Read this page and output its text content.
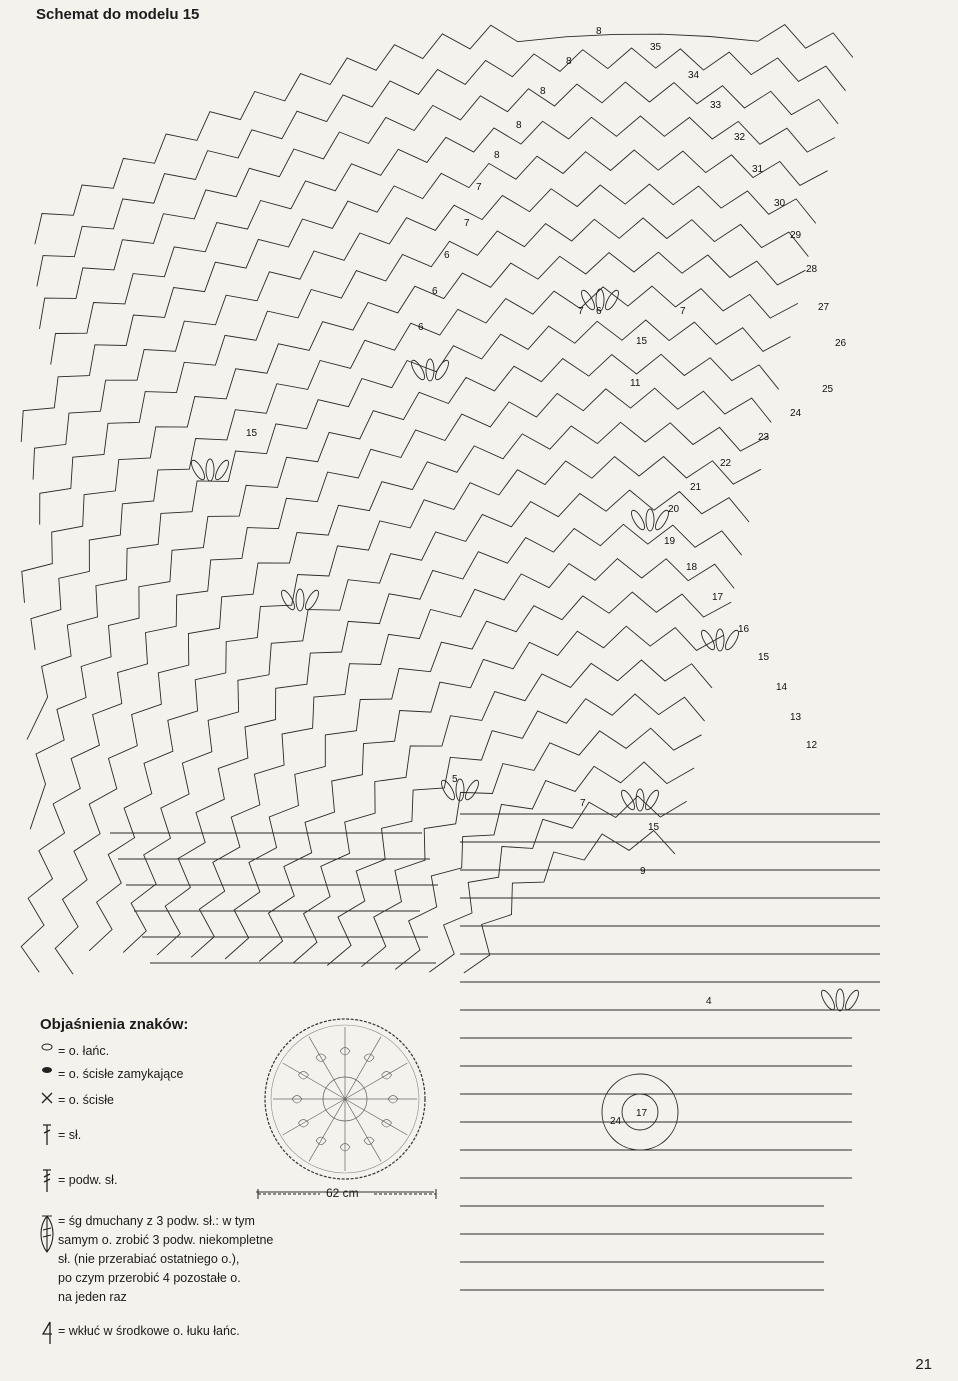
Schemat do modelu 15
35
34
33
32
31
30
29
28
27
26
25
24
23
22
21
20
19
18
17
16
15
14
13
12
8
8
8
8
8
7
7
6
6
6
6
15
15
11
7	7
15
7
9
17
24
5
4
Objaśnienia znaków:
= o. łańc.
= o. ścisłe zamykające
= o. ścisłe
= sł.
= podw. sł.
= śg dmuchany z 3 podw. sł.: w tym
samym o. zrobić 3 podw. niekompletne
sł. (nie przerabiać ostatniego o.),
po czym przerobić 4 pozostałe o.
na jeden raz
= wkłuć w środkowe o. łuku łańc.
62 cm
21
